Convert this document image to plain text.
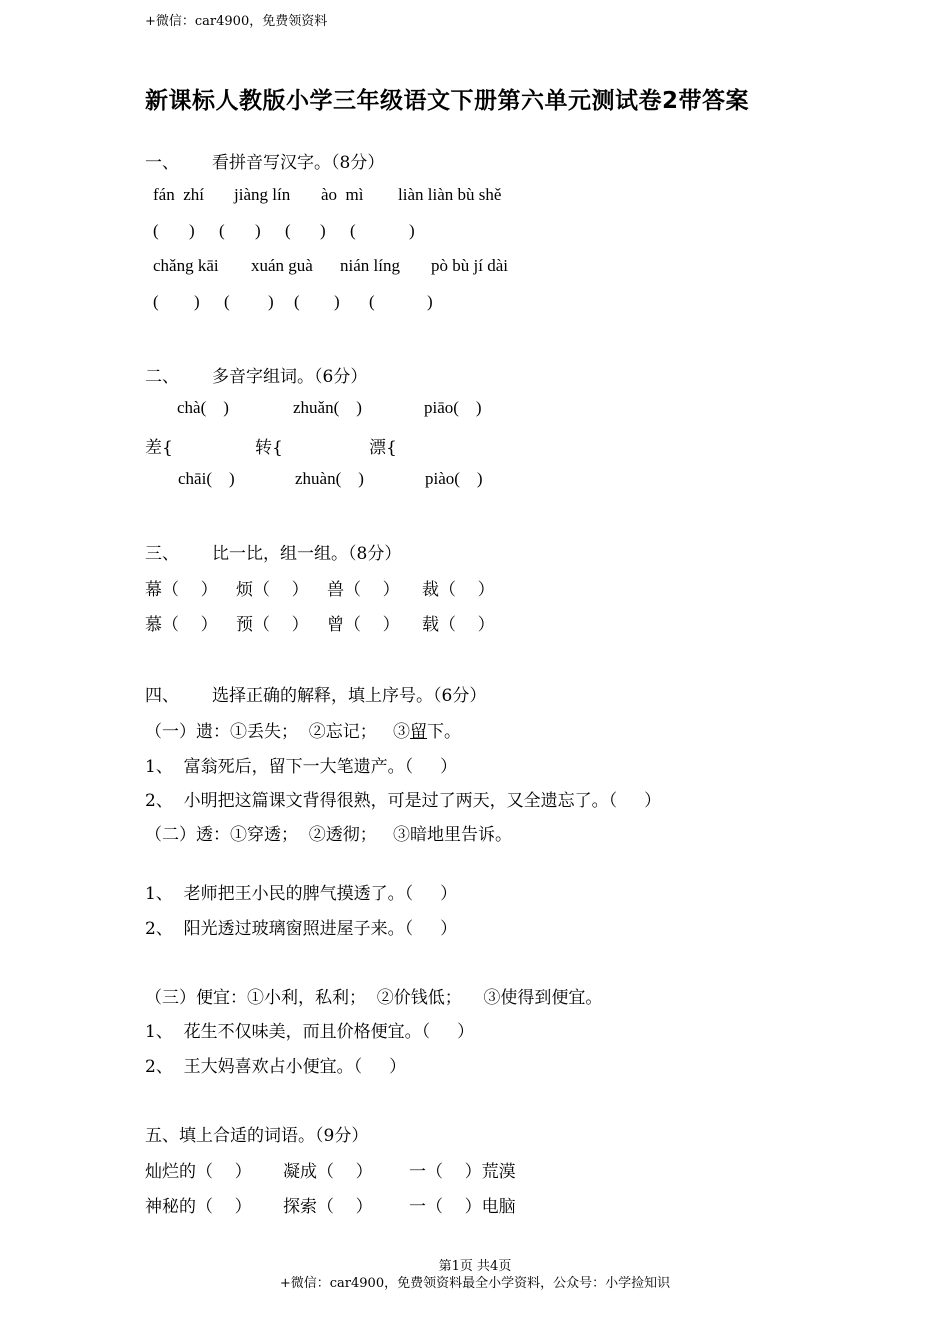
+微信：car4900，免费领资料
新课标人教版小学三年级语文下册第六单元测试卷2带答案
一、 看拼音写汉字。（8分）
fán  zhí jiàng lín ào  mì liàn liàn bù shě
( ) ( ) ( ) (	)
chǎng kāi xuán guà nián líng pò bù jí dài
( ) ( ) ( ) (	)
二、 多音字组词。（6分）
chà(    )	zhuǎn(    )	piāo(    )
差{	转{	漂{
chāi(    )	zhuàn(    )	piào(    )
三、 比一比，组一组。（8分）
幕（    ） 烦（    ） 兽（    ） 裁（    ）
慕（    ） 预（    ） 曾（    ） 载（    ）
四、 选择正确的解释，填上序号。（6分）
（一）遗：①丢失；  ②忘记；   ③留下。
1、  富翁死后，留下一大笔遗产。（     ）
2、  小明把这篇课文背得很熟，可是过了两天，又全遗忘了。（     ）
（二）透：①穿透；  ②透彻；   ③暗地里告诉。
1、  老师把王小民的脾气摸透了。（     ）
2、  阳光透过玻璃窗照进屋子来。（     ）
（三）便宜：①小利，私利；  ②价钱低；    ③使得到便宜。
1、  花生不仅味美，而且价格便宜。（     ）
2、  王大妈喜欢占小便宜。（     ）
五、填上合适的词语。（9分）
灿烂的（    ） 凝成（    ） 一（    ）荒漠
神秘的（    ） 探索（    ） 一（    ）电脑
第1页 共4页
+微信：car4900，免费领资料最全小学资料，公众号：小学捡知识
